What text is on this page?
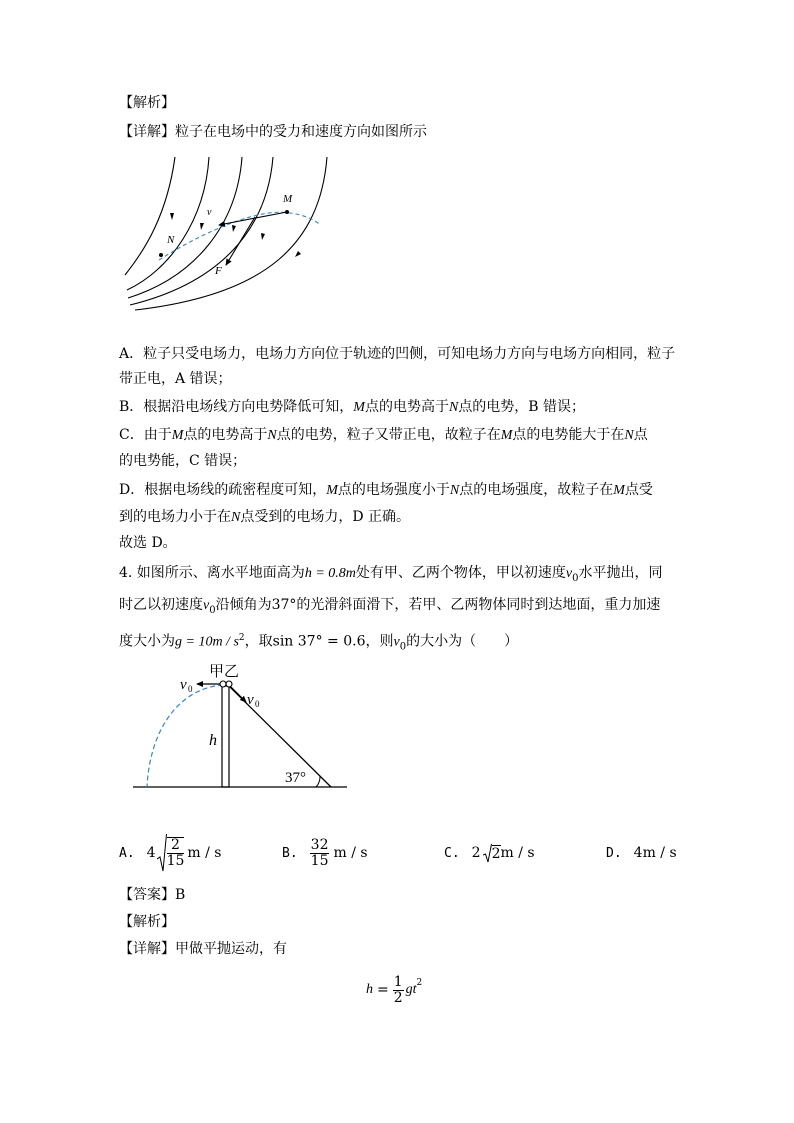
【解析】
【详解】粒子在电场中的受力和速度方向如图所示
M
v
N
F
A．粒子只受电场力，电场力方向位于轨迹的凹侧，可知电场力方向与电场方向相同，粒子
带正电，A 错误；
B．根据沿电场线方向电势降低可知，M点的电势高于N点的电势，B 错误；
C．由于M点的电势高于N点的电势，粒子又带正电，故粒子在M点的电势能大于在N点
的电势能，C 错误；
D．根据电场线的疏密程度可知，M点的电场强度小于N点的电场强度，故粒子在M点受
到的电场力小于在N点受到的电场力，D 正确。
故选 D。
4. 如图所示、离水平地面高为h = 0.8m处有甲、乙两个物体，甲以初速度$v_0$水平抛出，同
时乙以初速度$v_0$沿倾角为37°的光滑斜面滑下，若甲、乙两物体同时到达地面，重力加速
度大小为$g = 10m / s^2$，取sin 37° = 0.6，则$v_0$的大小为（　　）
甲乙
v 0
v 0
h
37°
A. $4 \frac{2}{15}$ m / s	B. $\frac{32}{15}$ m / s	C. 2 2 m / s	D. 4m / s
【答案】B
【解析】
【详解】甲做平抛运动，有
$h = \frac{1}{2} gt^2$
